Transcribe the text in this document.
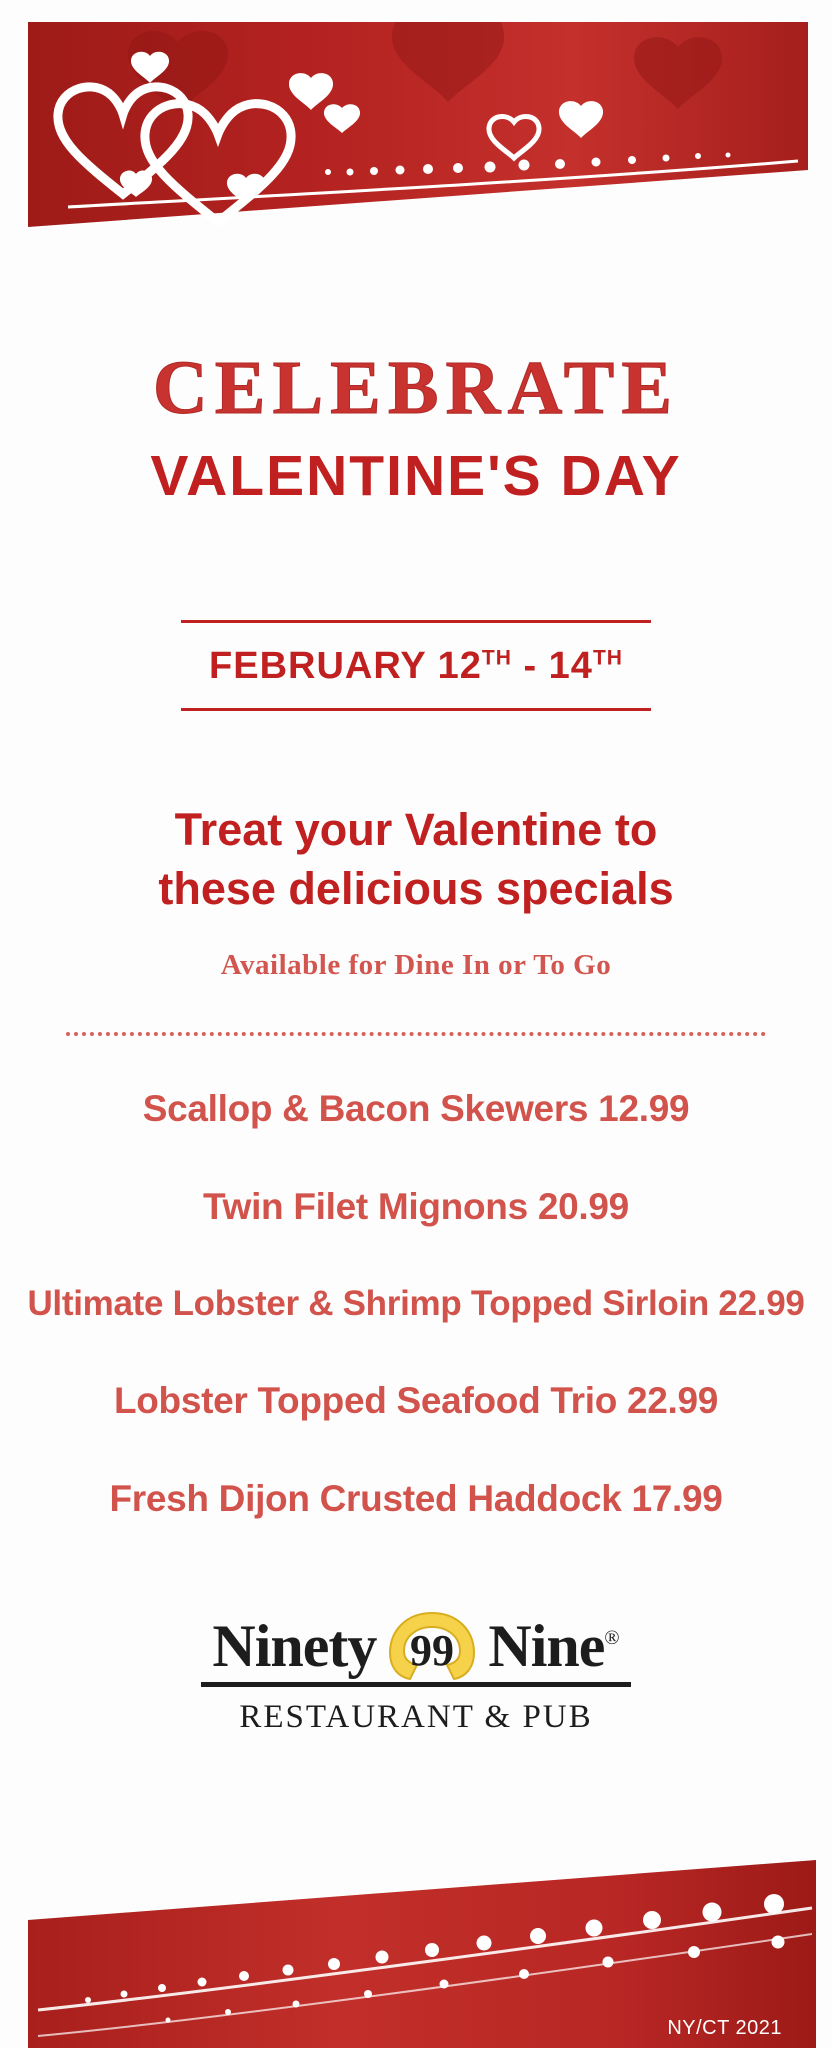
CELEBRATE
VALENTINE'S DAY
FEBRUARY 12TH - 14TH
Treat your Valentine to
these delicious specials
Available for Dine In or To Go
Scallop & Bacon Skewers 12.99
Twin Filet Mignons 20.99
Ultimate Lobster & Shrimp Topped Sirloin 22.99
Lobster Topped Seafood Trio 22.99
Fresh Dijon Crusted Haddock 17.99
Ninety 99 Nine®
RESTAURANT & PUB
NY/CT 2021
